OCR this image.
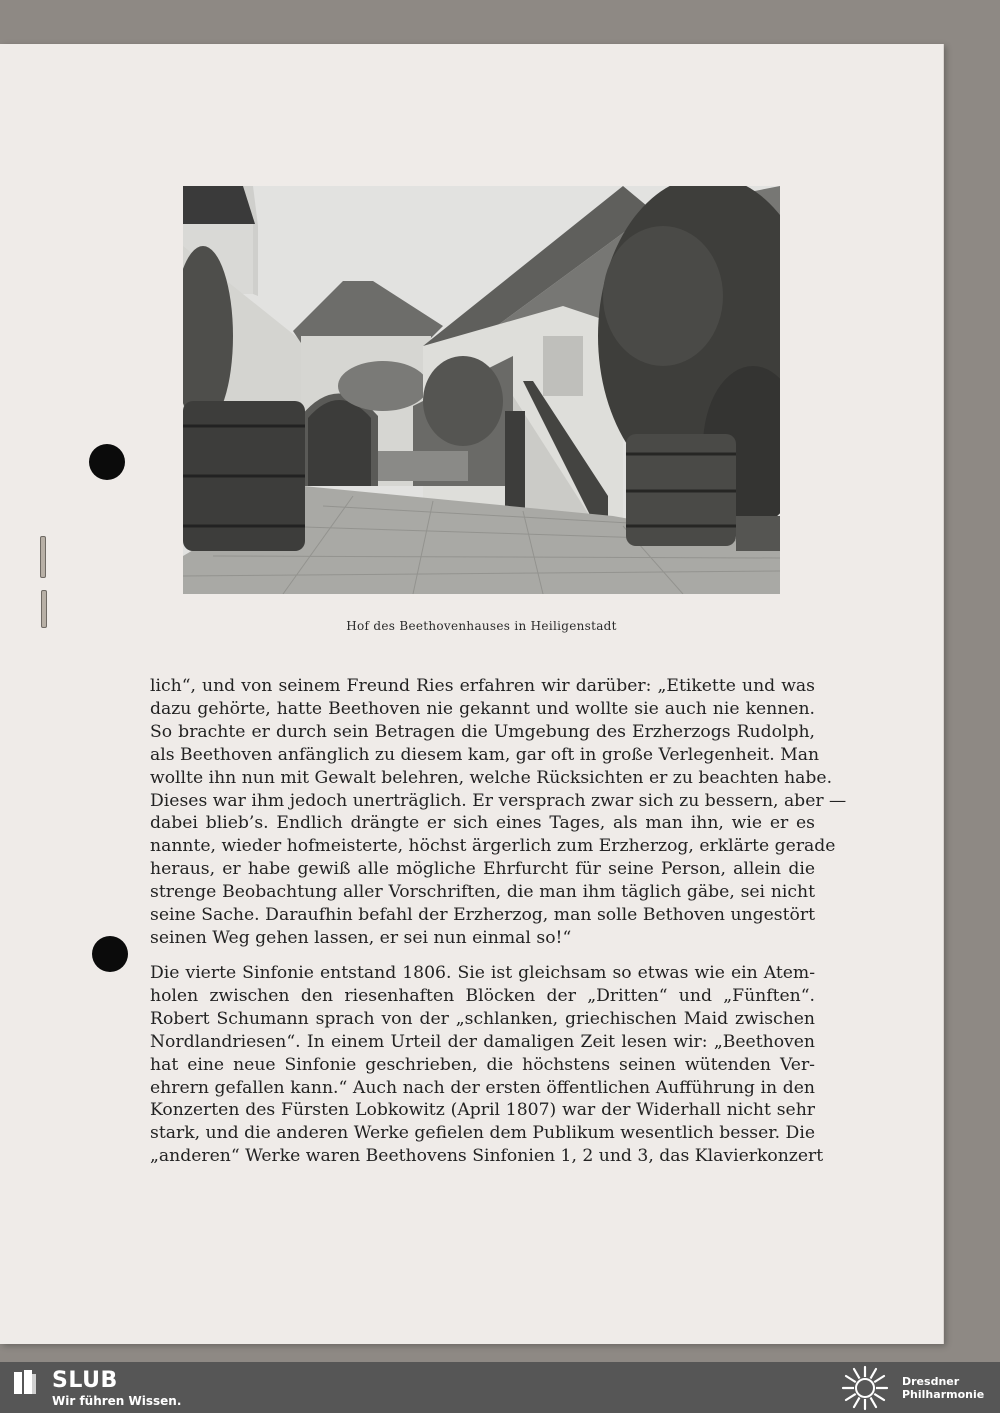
Hof des Beethovenhauses in Heiligenstadt
lich“, und von seinem Freund Ries erfahren wir darüber: „Etikette und was
dazu gehörte, hatte Beethoven nie gekannt und wollte sie auch nie kennen.
So brachte er durch sein Betragen die Umgebung des Erzherzogs Rudolph,
als Beethoven anfänglich zu diesem kam, gar oft in große Verlegenheit. Man
wollte ihn nun mit Gewalt belehren, welche Rücksichten er zu beachten habe.
Dieses war ihm jedoch unerträglich. Er versprach zwar sich zu bessern, aber —
dabei blieb’s. Endlich drängte er sich eines Tages, als man ihn, wie er es
nannte, wieder hofmeisterte, höchst ärgerlich zum Erzherzog, erklärte gerade
heraus, er habe gewiß alle mögliche Ehrfurcht für seine Person, allein die
strenge Beobachtung aller Vorschriften, die man ihm täglich gäbe, sei nicht
seine Sache. Daraufhin befahl der Erzherzog, man solle Bethoven ungestört
seinen Weg gehen lassen, er sei nun einmal so!“
Die vierte Sinfonie entstand 1806. Sie ist gleichsam so etwas wie ein Atem-
holen zwischen den riesenhaften Blöcken der „Dritten“ und „Fünften“.
Robert Schumann sprach von der „schlanken, griechischen Maid zwischen
Nordlandriesen“. In einem Urteil der damaligen Zeit lesen wir: „Beethoven
hat eine neue Sinfonie geschrieben, die höchstens seinen wütenden Ver-
ehrern gefallen kann.“ Auch nach der ersten öffentlichen Aufführung in den
Konzerten des Fürsten Lobkowitz (April 1807) war der Widerhall nicht sehr
stark, und die anderen Werke gefielen dem Publikum wesentlich besser. Die
„anderen“ Werke waren Beethovens Sinfonien 1, 2 und 3, das Klavierkonzert
SLUB
Wir führen Wissen.
Dresdner
Philharmonie
